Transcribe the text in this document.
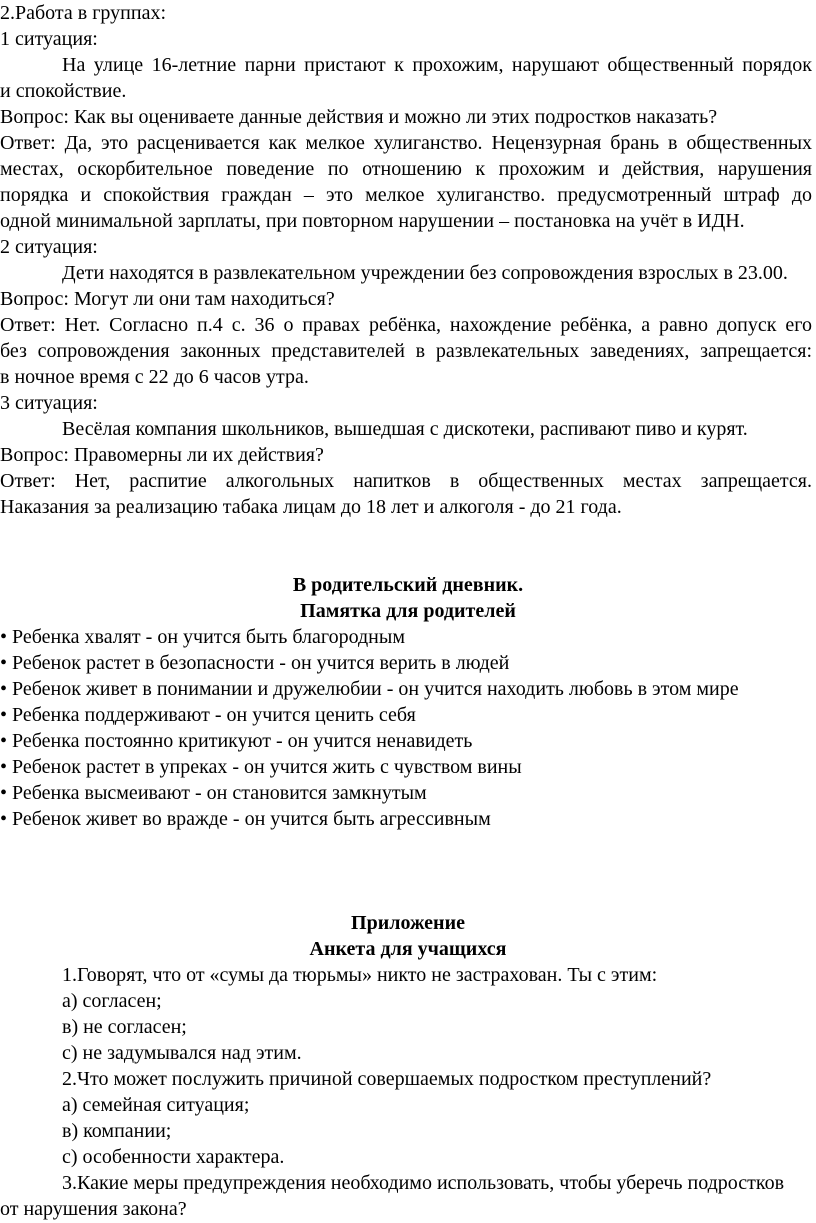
2.Работа в группах:
1 ситуация:
На улице 16-летние парни пристают к прохожим, нарушают общественный порядок
и спокойствие.
Вопрос: Как вы оцениваете данные действия и можно ли этих подростков наказать?
Ответ: Да, это расценивается как мелкое хулиганство. Нецензурная брань в общественных
местах, оскорбительное поведение по отношению к прохожим и действия, нарушения
порядка и спокойствия граждан – это мелкое хулиганство. предусмотренный штраф до
одной минимальной зарплаты, при повторном нарушении – постановка на учёт в ИДН.
2 ситуация:
Дети находятся в развлекательном учреждении без сопровождения взрослых в 23.00.
Вопрос: Могут ли они там находиться?
Ответ: Нет. Согласно п.4 с. 36 о правах ребёнка, нахождение ребёнка, а равно допуск его
без сопровождения законных представителей в развлекательных заведениях, запрещается:
в ночное время с 22 до 6 часов утра.
3 ситуация:
Весёлая компания школьников, вышедшая с дискотеки, распивают пиво и курят.
Вопрос: Правомерны ли их действия?
Ответ: Нет, распитие алкогольных напитков в общественных местах запрещается.
Наказания за реализацию табака лицам до 18 лет и алкоголя - до 21 года.
В родительский дневник.
Памятка для родителей
• Ребенка хвалят - он учится быть благородным
• Ребенок растет в безопасности - он учится верить в людей
• Ребенок живет в понимании и дружелюбии - он учится находить любовь в этом мире
• Ребенка поддерживают - он учится ценить себя
• Ребенка постоянно критикуют - он учится ненавидеть
• Ребенок растет в упреках - он учится жить с чувством вины
• Ребенка высмеивают - он становится замкнутым
• Ребенок живет во вражде - он учится быть агрессивным
Приложение
Анкета для учащихся
1.Говорят, что от «сумы да тюрьмы» никто не застрахован. Ты с этим:
а) согласен;
в) не согласен;
с) не задумывался над этим.
2.Что может послужить причиной совершаемых подростком преступлений?
а) семейная ситуация;
в) компании;
с) особенности характера.
3.Какие меры предупреждения необходимо использовать, чтобы уберечь подростков
от нарушения закона?
